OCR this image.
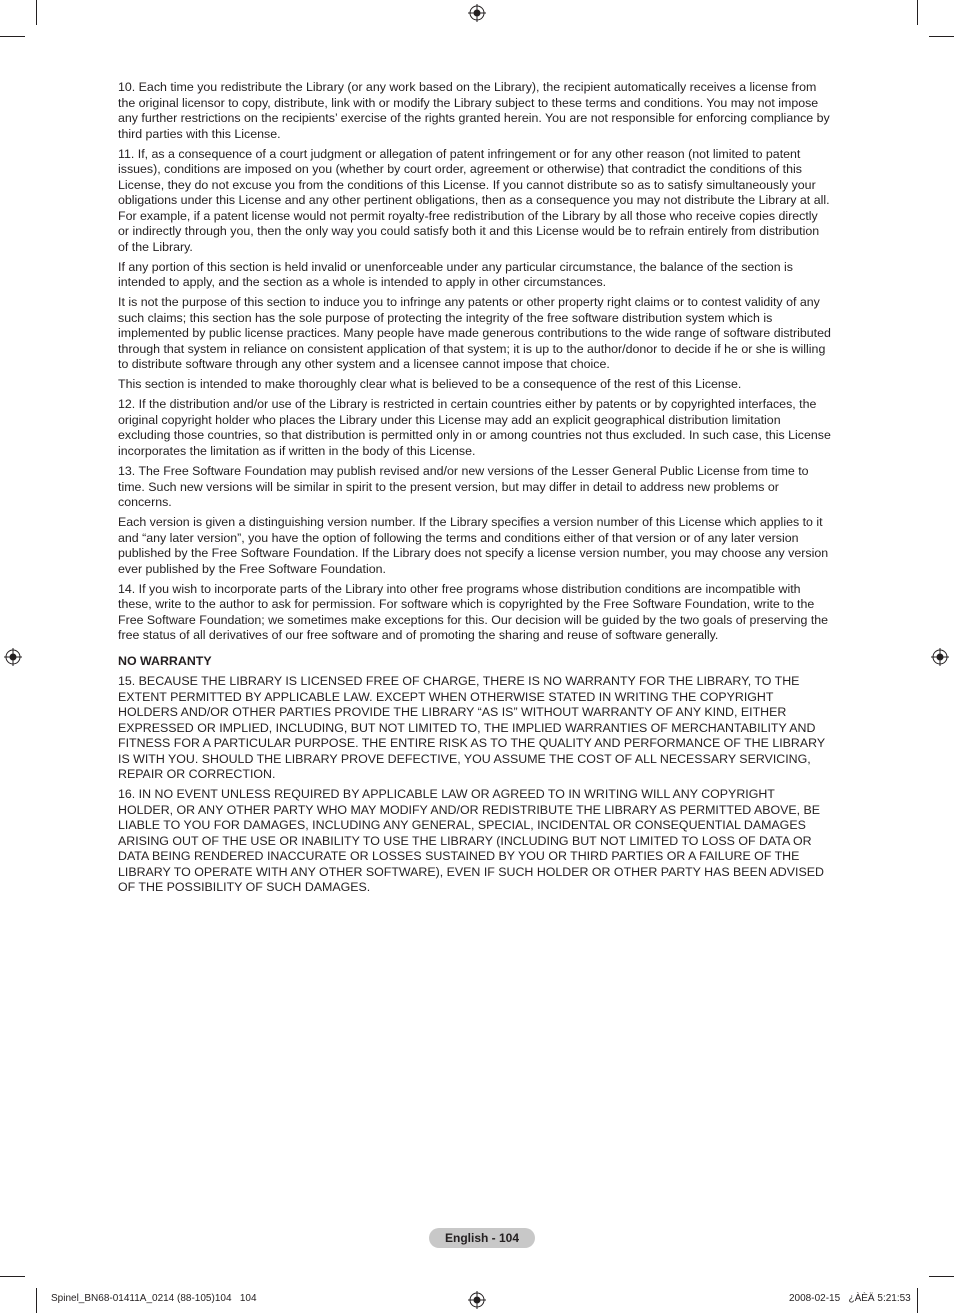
10. Each time you redistribute the Library (or any work based on the Library), the recipient automatically receives a license from the original licensor to copy, distribute, link with or modify the Library subject to these terms and conditions. You may not impose any further restrictions on the recipients’ exercise of the rights granted herein. You are not responsible for enforcing compliance by third parties with this License.

11. If, as a consequence of a court judgment or allegation of patent infringement or for any other reason (not limited to patent issues), conditions are imposed on you (whether by court order, agreement or otherwise) that contradict the conditions of this License, they do not excuse you from the conditions of this License. If you cannot distribute so as to satisfy simultaneously your obligations under this License and any other pertinent obligations, then as a consequence you may not distribute the Library at all. For example, if a patent license would not permit royalty-free redistribution of the Library by all those who receive copies directly or indirectly through you, then the only way you could satisfy both it and this License would be to refrain entirely from distribution of the Library.

If any portion of this section is held invalid or unenforceable under any particular circumstance, the balance of the section is intended to apply, and the section as a whole is intended to apply in other circumstances.

It is not the purpose of this section to induce you to infringe any patents or other property right claims or to contest validity of any such claims; this section has the sole purpose of protecting the integrity of the free software distribution system which is implemented by public license practices. Many people have made generous contributions to the wide range of software distributed through that system in reliance on consistent application of that system; it is up to the author/donor to decide if he or she is willing to distribute software through any other system and a licensee cannot impose that choice.

This section is intended to make thoroughly clear what is believed to be a consequence of the rest of this License.

12. If the distribution and/or use of the Library is restricted in certain countries either by patents or by copyrighted interfaces, the original copyright holder who places the Library under this License may add an explicit geographical distribution limitation excluding those countries, so that distribution is permitted only in or among countries not thus excluded. In such case, this License incorporates the limitation as if written in the body of this License.

13. The Free Software Foundation may publish revised and/or new versions of the Lesser General Public License from time to time. Such new versions will be similar in spirit to the present version, but may differ in detail to address new problems or concerns.

Each version is given a distinguishing version number. If the Library specifies a version number of this License which applies to it and “any later version”, you have the option of following the terms and conditions either of that version or of any later version published by the Free Software Foundation. If the Library does not specify a license version number, you may choose any version ever published by the Free Software Foundation.

14. If you wish to incorporate parts of the Library into other free programs whose distribution conditions are incompatible with these, write to the author to ask for permission. For software which is copyrighted by the Free Software Foundation, write to the Free Software Foundation; we sometimes make exceptions for this. Our decision will be guided by the two goals of preserving the free status of all derivatives of our free software and of promoting the sharing and reuse of software generally.

NO WARRANTY

15. BECAUSE THE LIBRARY IS LICENSED FREE OF CHARGE, THERE IS NO WARRANTY FOR THE LIBRARY, TO THE EXTENT PERMITTED BY APPLICABLE LAW. EXCEPT WHEN OTHERWISE STATED IN WRITING THE COPYRIGHT HOLDERS AND/OR OTHER PARTIES PROVIDE THE LIBRARY “AS IS” WITHOUT WARRANTY OF ANY KIND, EITHER EXPRESSED OR IMPLIED, INCLUDING, BUT NOT LIMITED TO, THE IMPLIED WARRANTIES OF MERCHANTABILITY AND FITNESS FOR A PARTICULAR PURPOSE. THE ENTIRE RISK AS TO THE QUALITY AND PERFORMANCE OF THE LIBRARY IS WITH YOU. SHOULD THE LIBRARY PROVE DEFECTIVE, YOU ASSUME THE COST OF ALL NECESSARY SERVICING, REPAIR OR CORRECTION.

16. IN NO EVENT UNLESS REQUIRED BY APPLICABLE LAW OR AGREED TO IN WRITING WILL ANY COPYRIGHT HOLDER, OR ANY OTHER PARTY WHO MAY MODIFY AND/OR REDISTRIBUTE THE LIBRARY AS PERMITTED ABOVE, BE LIABLE TO YOU FOR DAMAGES, INCLUDING ANY GENERAL, SPECIAL, INCIDENTAL OR CONSEQUENTIAL DAMAGES ARISING OUT OF THE USE OR INABILITY TO USE THE LIBRARY (INCLUDING BUT NOT LIMITED TO LOSS OF DATA OR DATA BEING RENDERED INACCURATE OR LOSSES SUSTAINED BY YOU OR THIRD PARTIES OR A FAILURE OF THE LIBRARY TO OPERATE WITH ANY OTHER SOFTWARE), EVEN IF SUCH HOLDER OR OTHER PARTY HAS BEEN ADVISED OF THE POSSIBILITY OF SUCH DAMAGES.

English - 104
Spinel_BN68-01411A_0214 (88-105)104   104	2008-02-15   ¿ÀÈÄ 5:21:53
